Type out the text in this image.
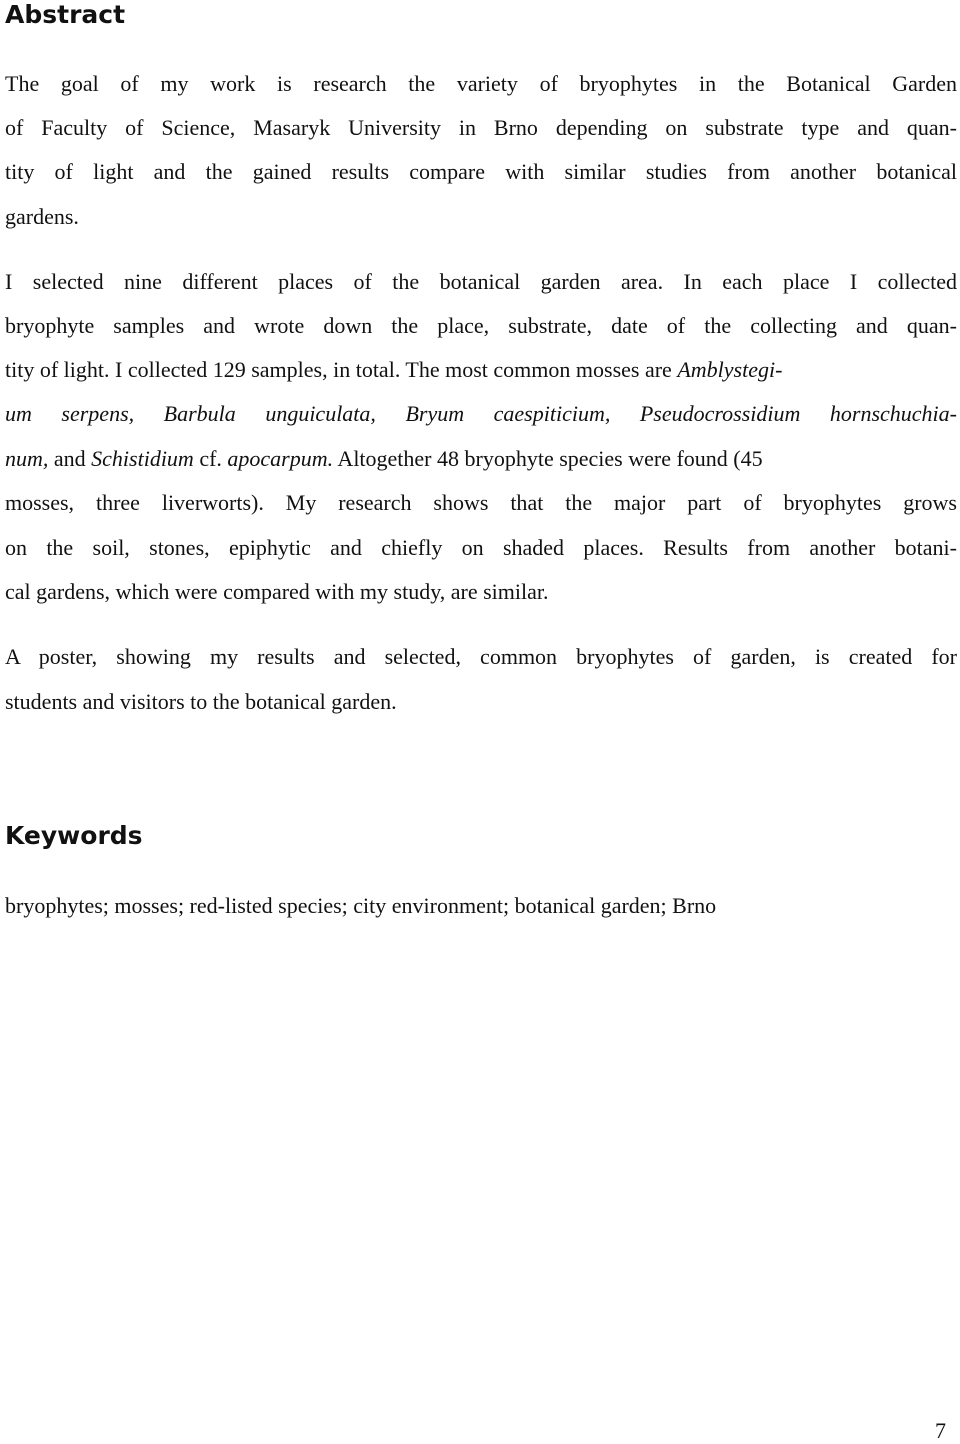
Abstract
The goal of my work is research the variety of bryophytes in the Botanical Garden
of Faculty of Science, Masaryk University in Brno depending on substrate type and quan-
tity of light and the gained results compare with similar studies from another botanical
gardens.
I selected nine different places of the botanical garden area. In each place I collected
bryophyte samples and wrote down the place, substrate, date of the collecting and quan-
tity of light. I collected 129 samples, in total. The most common mosses are Amblystegi-
um serpens, Barbula unguiculata, Bryum caespiticium, Pseudocrossidium hornschuchia-
num, and Schistidium cf. apocarpum. Altogether 48 bryophyte species were found (45
mosses, three liverworts). My research shows that the major part of bryophytes grows
on the soil, stones, epiphytic and chiefly on shaded places. Results from another botani-
cal gardens, which were compared with my study, are similar.
A poster, showing my results and selected, common bryophytes of garden, is created for
students and visitors to the botanical garden.
Keywords
bryophytes; mosses; red-listed species; city environment; botanical garden; Brno
7
